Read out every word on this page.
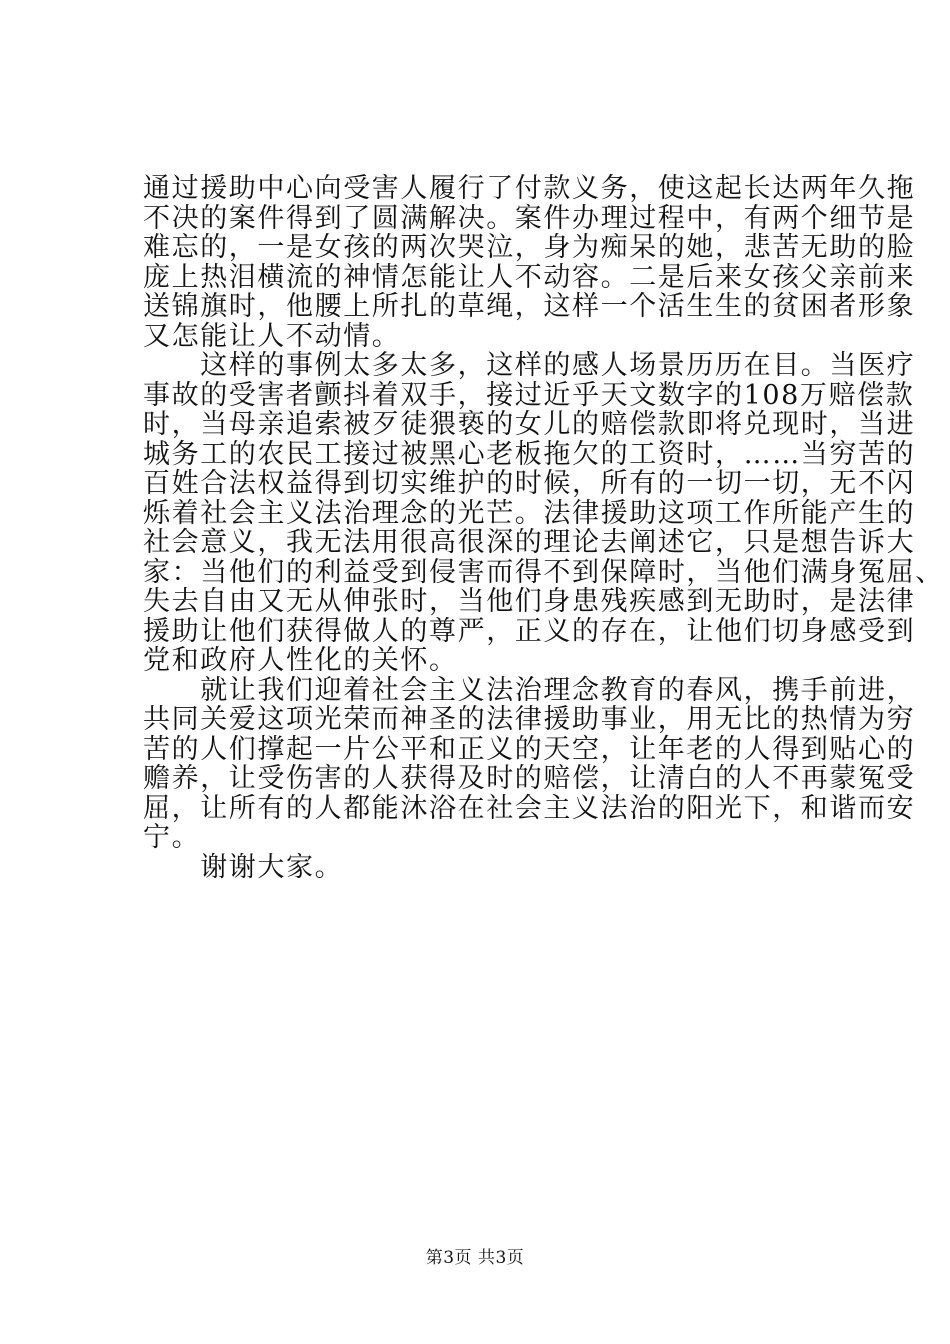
通过援助中心向受害人履行了付款义务，使这起长达两年久拖
不决的案件得到了圆满解决。案件办理过程中，有两个细节是
难忘的，一是女孩的两次哭泣，身为痴呆的她，悲苦无助的脸
庞上热泪横流的神情怎能让人不动容。二是后来女孩父亲前来
送锦旗时，他腰上所扎的草绳，这样一个活生生的贫困者形象
又怎能让人不动情。
　　这样的事例太多太多，这样的感人场景历历在目。当医疗
事故的受害者颤抖着双手，接过近乎天文数字的108万赔偿款
时，当母亲追索被歹徒猥亵的女儿的赔偿款即将兑现时，当进
城务工的农民工接过被黑心老板拖欠的工资时，……当穷苦的
百姓合法权益得到切实维护的时候，所有的一切一切，无不闪
烁着社会主义法治理念的光芒。法律援助这项工作所能产生的
社会意义，我无法用很高很深的理论去阐述它，只是想告诉大
家：当他们的利益受到侵害而得不到保障时，当他们满身冤屈、
失去自由又无从伸张时，当他们身患残疾感到无助时，是法律
援助让他们获得做人的尊严，正义的存在，让他们切身感受到
党和政府人性化的关怀。
　　就让我们迎着社会主义法治理念教育的春风，携手前进，
共同关爱这项光荣而神圣的法律援助事业，用无比的热情为穷
苦的人们撑起一片公平和正义的天空，让年老的人得到贴心的
赡养，让受伤害的人获得及时的赔偿，让清白的人不再蒙冤受
屈，让所有的人都能沐浴在社会主义法治的阳光下，和谐而安
宁。
　　谢谢大家。
第3页 共3页
